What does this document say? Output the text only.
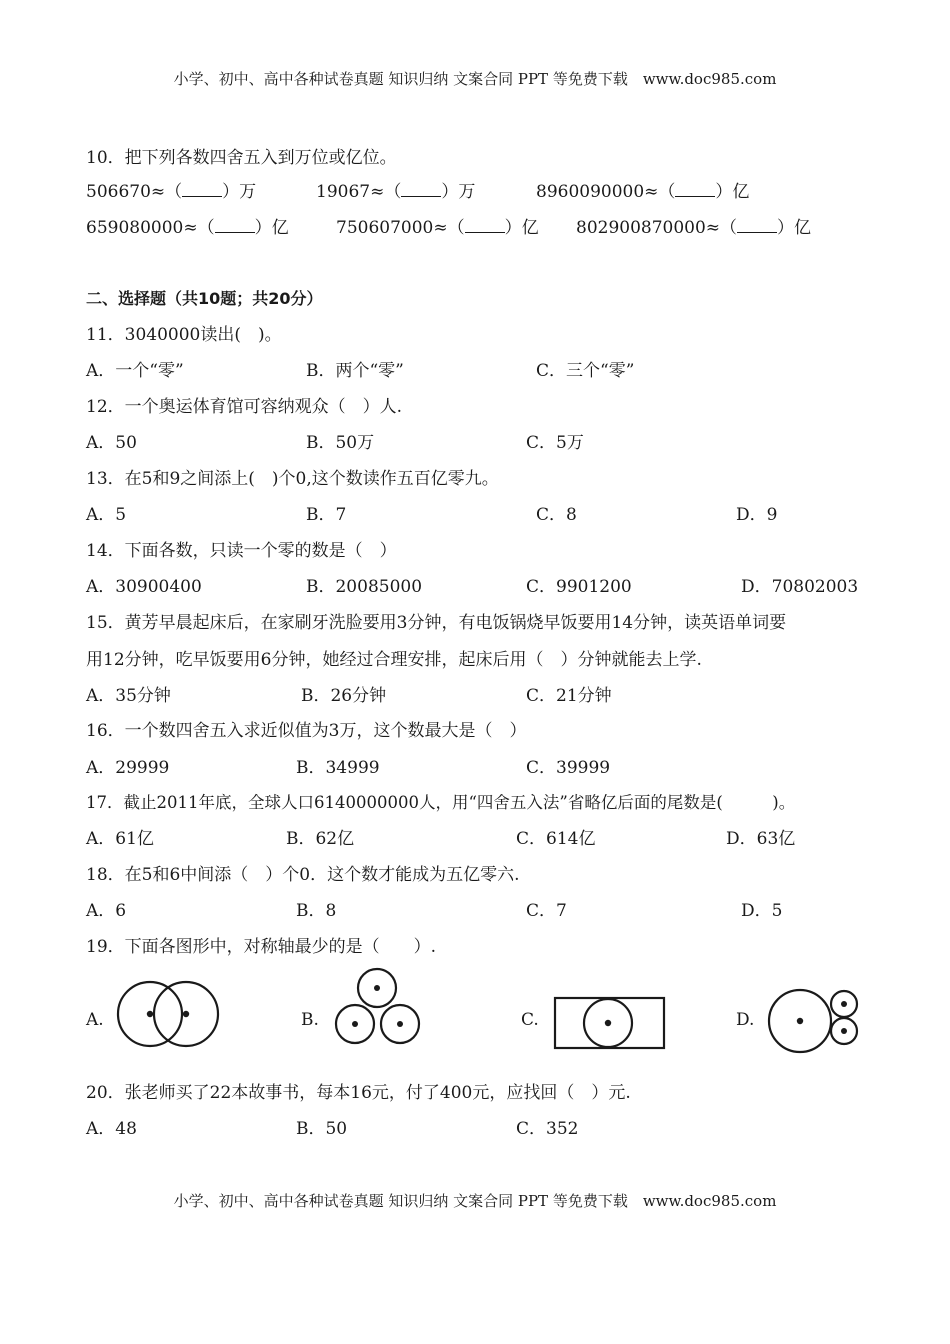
小学、初中、高中各种试卷真题 知识归纳 文案合同 PPT 等免费下载　www.doc985.com
10．把下列各数四舍五入到万位或亿位。
506670≈（ ）万	19067≈（ ）万	8960090000≈（ ）亿
659080000≈（ ）亿	750607000≈（ ）亿 802900870000≈（ ）亿
二、选择题（共10题；共20分）
11．3040000读出(　)。
A．一个“零”	B．两个“零”	C．三个“零”
12．一个奥运体育馆可容纳观众（　）人.
A．50	B．50万	C．5万
13．在5和9之间添上(　)个0,这个数读作五百亿零九。
A．5	B．7	C．8	D．9
14．下面各数，只读一个零的数是（　）
A．30900400	B．20085000	C．9901200	D．70802003
15．黄芳早晨起床后，在家刷牙洗脸要用3分钟，有电饭锅烧早饭要用14分钟，读英语单词要
用12分钟，吃早饭要用6分钟，她经过合理安排，起床后用（　）分钟就能去上学.
A．35分钟	B．26分钟	C．21分钟
16．一个数四舍五入求近似值为3万，这个数最大是（　）
A．29999	B．34999	C．39999
17．截止2011年底，全球人口6140000000人，用“四舍五入法”省略亿后面的尾数是(　　　)。
A．61亿	B．62亿	C．614亿	D．63亿
18．在5和6中间添（　）个0．这个数才能成为五亿零六.
A．6	B．8	C．7	D．5
19．下面各图形中，对称轴最少的是（　　）.
A.	B.	C.	D.
20．张老师买了22本故事书，每本16元，付了400元，应找回（　）元.
A．48	B．50	C．352
小学、初中、高中各种试卷真题 知识归纳 文案合同 PPT 等免费下载　www.doc985.com
